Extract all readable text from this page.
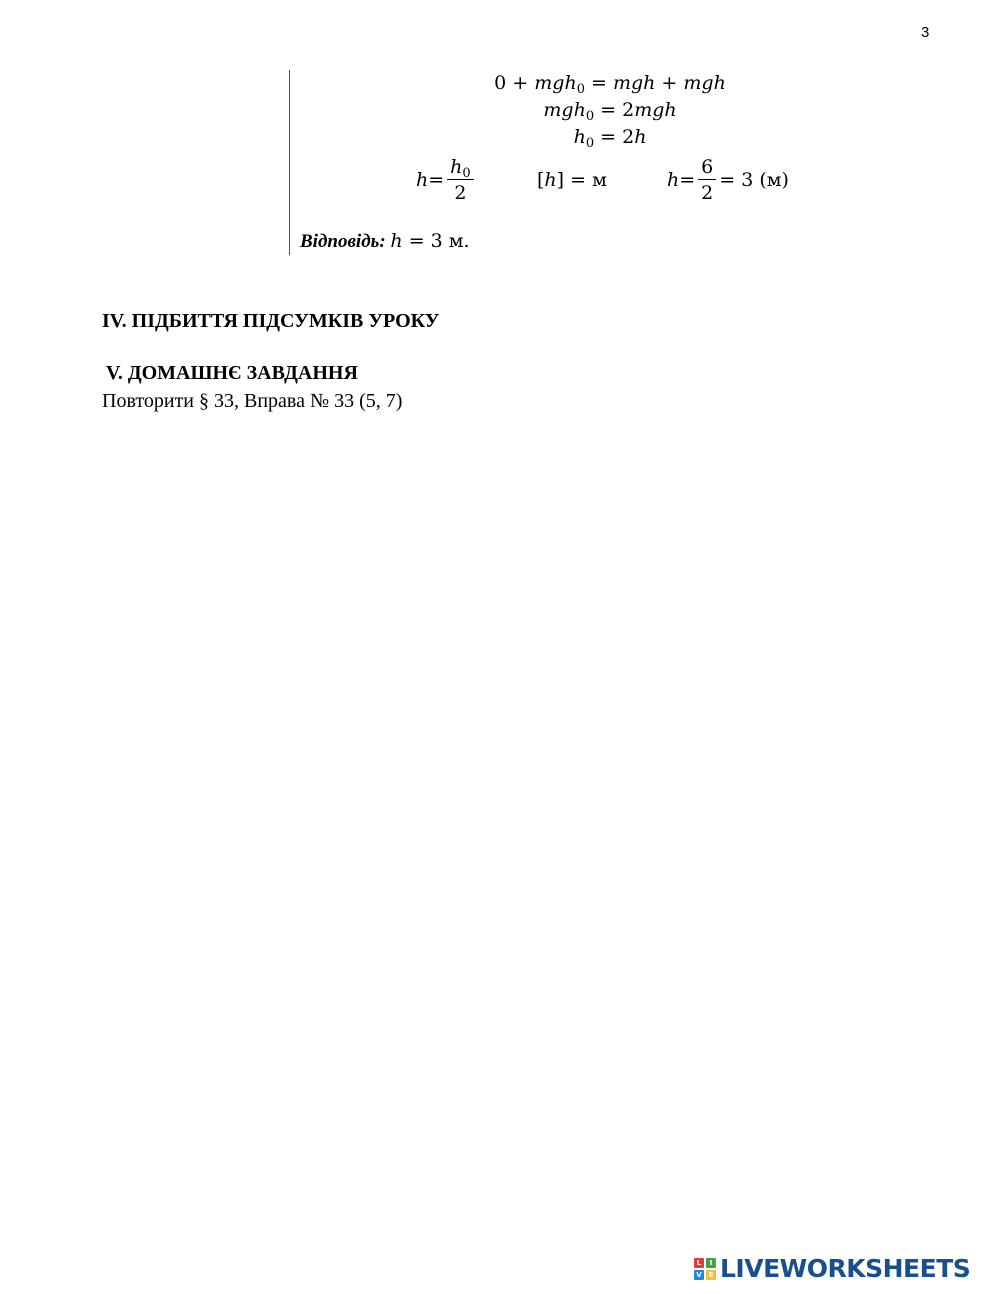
3
0 + mgh$_0$ = mgh + mgh
mgh$_0$ = 2mgh
$h_0 = 2h$
$h = \frac{h_0}{2}$	[ h ] = м	$h = \frac{6}{2} = 3$ (м)
Відповідь: h = 3 м.
IV. ПІДБИТТЯ ПІДСУМКІВ УРОКУ
V. ДОМАШНЄ ЗАВДАННЯ
Повторити § 33, Вправа № 33 (5, 7)
L	I
V E LIVEWORKSHEETS
